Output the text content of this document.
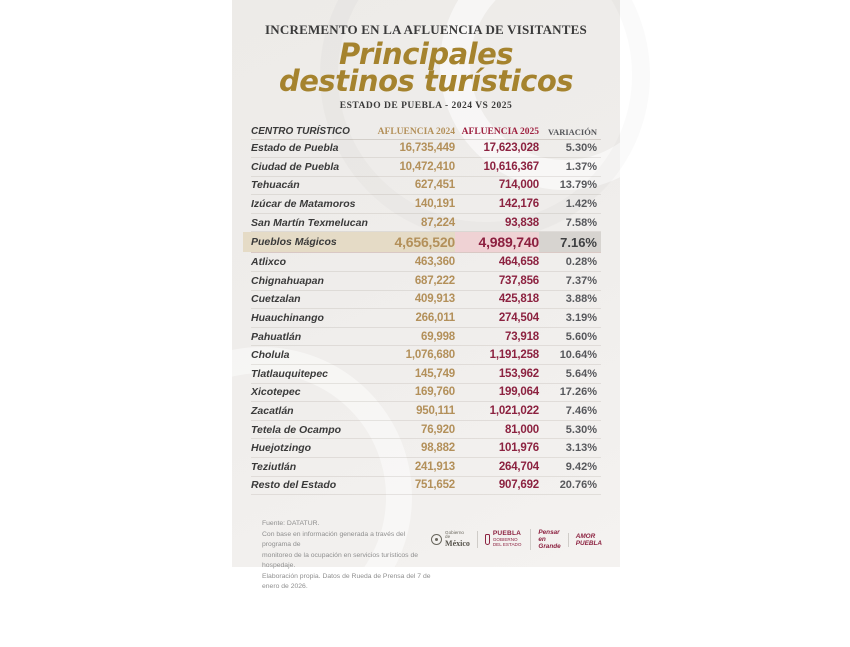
INCREMENTO EN LA AFLUENCIA DE VISITANTES
Principales
destinos turísticos
ESTADO DE PUEBLA - 2024 VS 2025
CENTRO TURÍSTICO	AFLUENCIA 2024 AFLUENCIA 2025	VARIACIÓN
Estado de Puebla	16,735,449	17,623,028	5.30%
Ciudad de Puebla	10,472,410	10,616,367	1.37%
Tehuacán	627,451	714,000	13.79%
Izúcar de Matamoros	140,191	142,176	1.42%
San Martín Texmelucan	87,224	93,838	7.58%
Pueblos Mágicos	4,656,520	4,989,740	7.16%
Atlixco	463,360	464,658	0.28%
Chignahuapan	687,222	737,856	7.37%
Cuetzalan	409,913	425,818	3.88%
Huauchinango	266,011	274,504	3.19%
Pahuatlán	69,998	73,918	5.60%
Cholula	1,076,680	1,191,258	10.64%
Tlatlauquitepec	145,749	153,962	5.64%
Xicotepec	169,760	199,064	17.26%
Zacatlán	950,111	1,021,022	7.46%
Tetela de Ocampo	76,920	81,000	5.30%
Huejotzingo	98,882	101,976	3.13%
Teziutlán	241,913	264,704	9.42%
Resto del Estado	751,652	907,692	20.76%
Fuente: DATATUR.
Con base en información generada a través del programa de
monitoreo de la ocupación en servicios turísticos de hospedaje.
Elaboración propia. Datos de Rueda de Prensa del 7 de enero de 2026.
Gobierno de
México
PUEBLA
GOBIERNO DEL ESTADO
Pensar
en Grande
AMOR
PUEBLA
